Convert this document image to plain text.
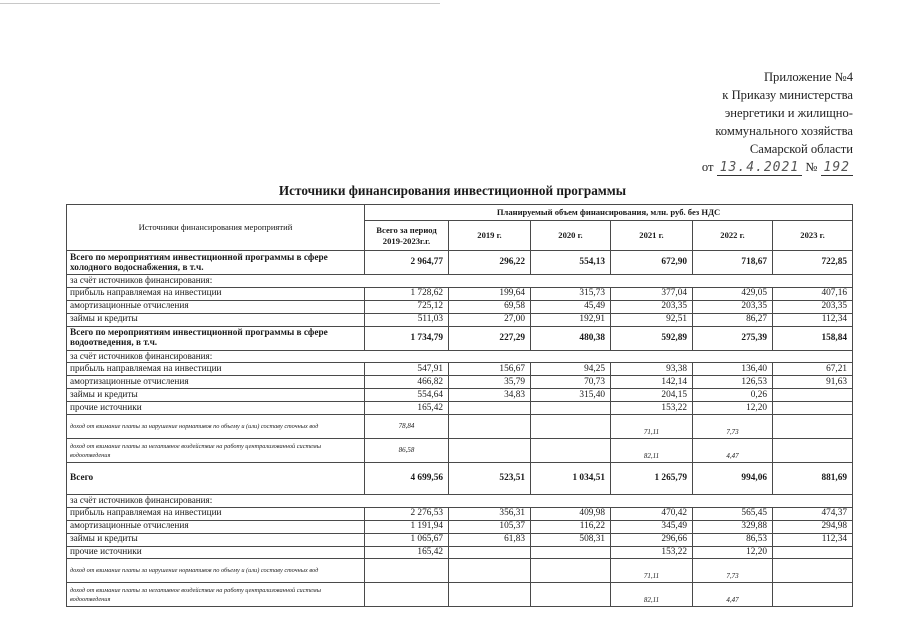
Приложение №4
к Приказу министерства
энергетики и жилищно-
коммунального хозяйства
Самарской области
от 13.4.2021 № 192
Источники финансирования инвестиционной программы
Источники финансирования мероприятий	Планируемый объем финансирования, млн. руб. без НДС					
	Всего за период 2019-2023г.г.	2019 г.	2020 г.	2021 г.	2022 г.	2023 г.
Всего по мероприятиям инвестиционной программы в сфере холодного водоснабжения, в т.ч.	2 964,77	296,22	554,13	672,90	718,67	722,85
за счёт источников финансирования:						
прибыль направляемая на инвестиции	1 728,62	199,64	315,73	377,04	429,05	407,16
амортизационные отчисления	725,12	69,58	45,49	203,35	203,35	203,35
займы и кредиты	511,03	27,00	192,91	92,51	86,27	112,34
Всего по мероприятиям инвестиционной программы в сфере водоотведения, в т.ч.	1 734,79	227,29	480,38	592,89	275,39	158,84
за счёт источников финансирования:						
прибыль направляемая на инвестиции	547,91	156,67	94,25	93,38	136,40	67,21
амортизационные отчисления	466,82	35,79	70,73	142,14	126,53	91,63
займы и кредиты	554,64	34,83	315,40	204,15	0,26	
прочие источники	165,42			153,22	12,20	
доход от взимание платы за нарушение нормативов по объему и (или) составу сточных вод	78,84			71,11	7,73	
доход от взимание платы за негативное воздействие на работу централизованной системы водоотведения	86,58			82,11	4,47	
Всего	4 699,56	523,51	1 034,51	1 265,79	994,06	881,69
за счёт источников финансирования:						
прибыль направляемая на инвестиции	2 276,53	356,31	409,98	470,42	565,45	474,37
амортизационные отчисления	1 191,94	105,37	116,22	345,49	329,88	294,98
займы и кредиты	1 065,67	61,83	508,31	296,66	86,53	112,34
прочие источники	165,42			153,22	12,20	
доход от взимание платы за нарушение нормативов по объему и (или) составу сточных вод				71,11	7,73	
доход от взимание платы за негативное воздействие на работу централизованной системы водоотведения				82,11	4,47	
